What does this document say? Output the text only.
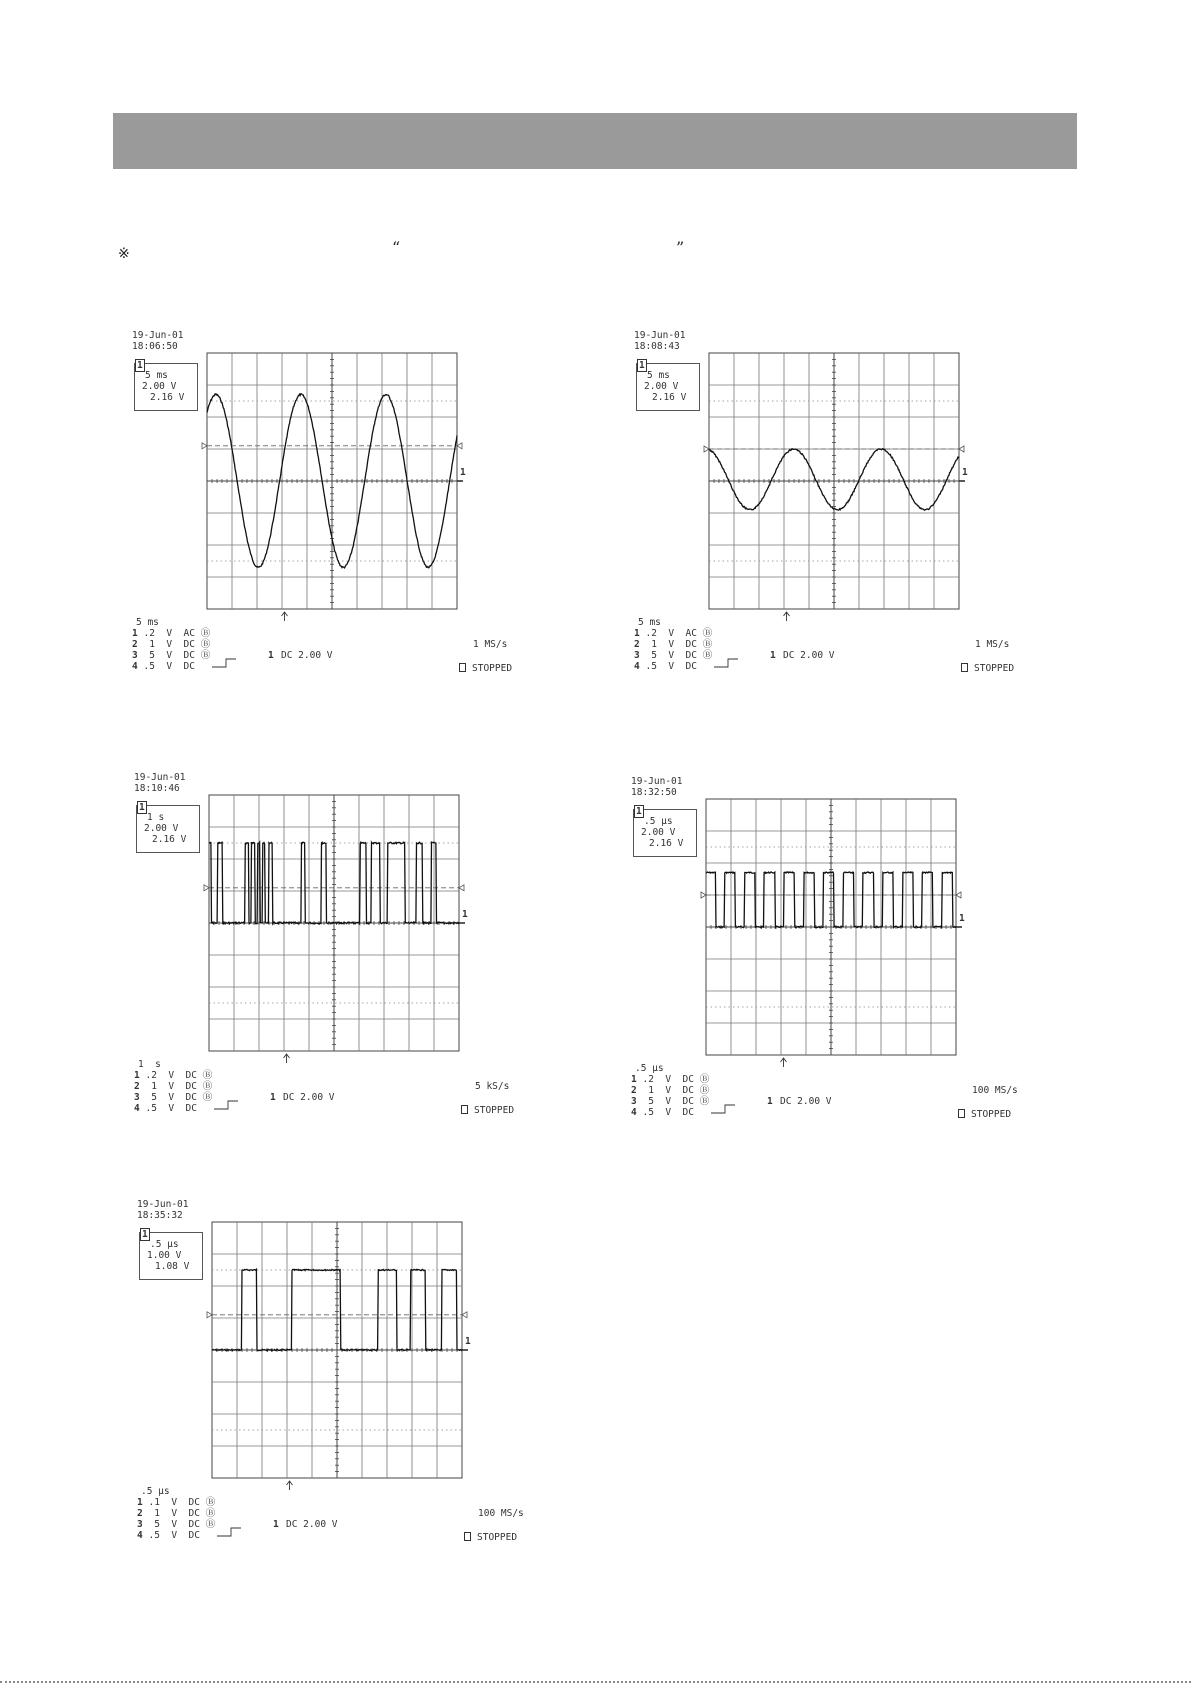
※	“	”
19-Jun-01
18:06:50
1
5 ms
2.00 V
2.16 V
1
5 ms
1 .2  V AC Ⓑ
2  1  V DC Ⓑ
3  5  V DC Ⓑ
4 .5  V DC
1 DC 2.00 V
1 MS/s
STOPPED
19-Jun-01
18:08:43
1
5 ms
2.00 V
2.16 V
1
5 ms
1 .2  V AC Ⓑ
2  1  V DC Ⓑ
3  5  V DC Ⓑ
4 .5  V DC
1 DC 2.00 V
1 MS/s
STOPPED
19-Jun-01
18:10:46
1
1 s
2.00 V
2.16 V
1
1  s
1 .2  V DC Ⓑ
2  1  V DC Ⓑ
3  5  V DC Ⓑ
4 .5  V DC
1 DC 2.00 V
5 kS/s
STOPPED
19-Jun-01
18:32:50
1
.5 µs
2.00 V
2.16 V
1
.5 µs
1 .2  V DC Ⓑ
2  1  V DC Ⓑ
3  5  V DC Ⓑ
4 .5  V DC
1 DC 2.00 V
100 MS/s
STOPPED
19-Jun-01
18:35:32
1
.5 µs
1.00 V
1.08 V
1
.5 µs
1 .1  V DC Ⓑ
2  1  V DC Ⓑ
3  5  V DC Ⓑ
4 .5  V DC
1 DC 2.00 V
100 MS/s
STOPPED
